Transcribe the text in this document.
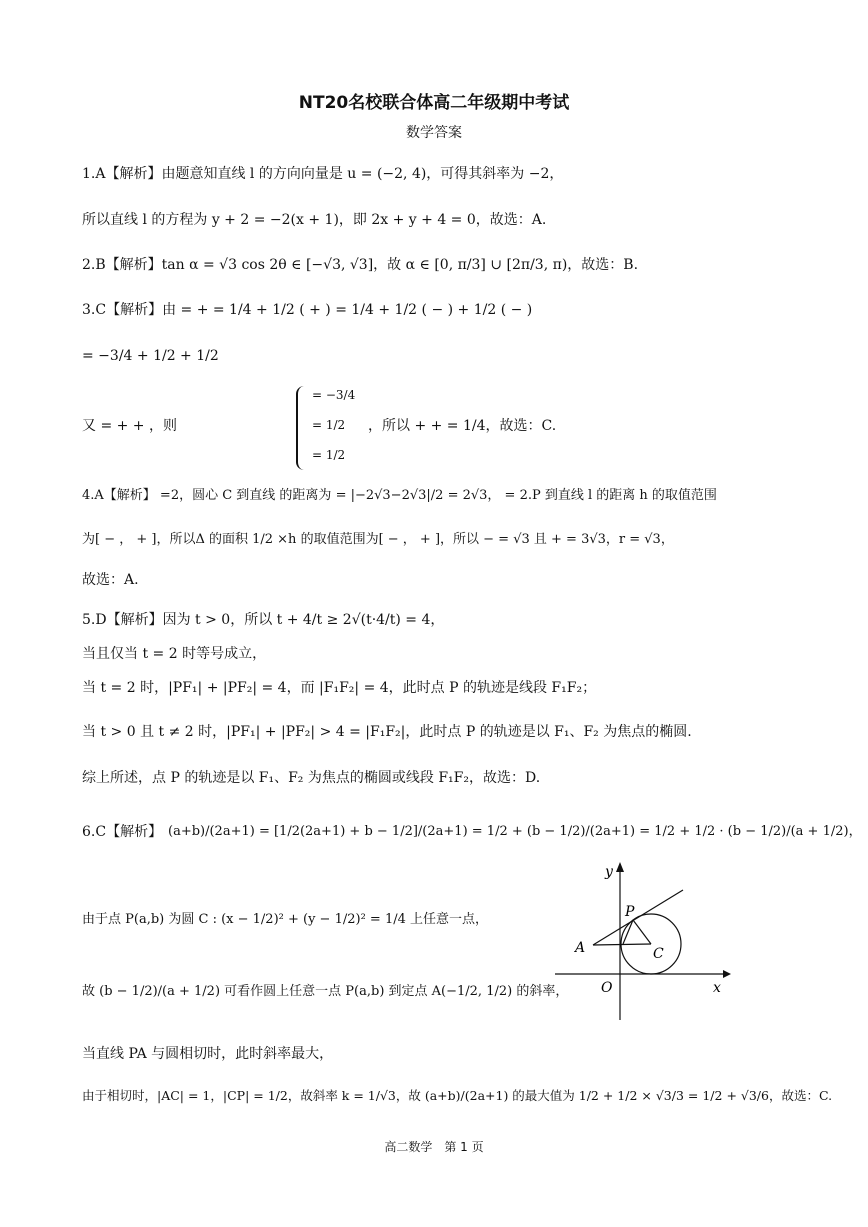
NT20名校联合体高二年级期中考试
数学答案
1.A【解析】由题意知直线 l 的方向向量是 u = (−2, 4)，可得其斜率为 −2，
所以直线 l 的方程为 y + 2 = −2(x + 1)，即 2x + y + 4 = 0，故选：A.
2.B【解析】tan α = √3 cos 2θ ∈ [−√3, √3]，故 α ∈ [0, π/3] ∪ [2π/3, π)，故选：B.
3.C【解析】由 = + = 1/4 + 1/2 ( + ) = 1/4 + 1/2 ( − ) + 1/2 ( − )
= −3/4 + 1/2 + 1/2
又 = + + ，则
= −3/4
= 1/2
= 1/2
，所以 + + = 1/4，故选：C.
4.A【解析】 =2，圆心 C 到直线 的距离为 = |−2√3−2√3|/2 = 2√3， = 2.P 到直线 l 的距离 h 的取值范围
为[ − ， + ]，所以Δ 的面积 1/2 ×h 的取值范围为[ − ， + ]，所以 − = √3 且 + = 3√3，r = √3，
故选：A.
5.D【解析】因为 t > 0，所以 t + 4/t ≥ 2√(t·4/t) = 4，
当且仅当 t = 2 时等号成立，
当 t = 2 时，|PF₁| + |PF₂| = 4，而 |F₁F₂| = 4，此时点 P 的轨迹是线段 F₁F₂；
当 t > 0 且 t ≠ 2 时，|PF₁| + |PF₂| > 4 = |F₁F₂|，此时点 P 的轨迹是以 F₁、F₂ 为焦点的椭圆.
综上所述，点 P 的轨迹是以 F₁、F₂ 为焦点的椭圆或线段 F₁F₂，故选：D.
6.C【解析】 (a+b)/(2a+1) = [1/2(2a+1) + b − 1/2]/(2a+1) = 1/2 + (b − 1/2)/(2a+1) = 1/2 + 1/2 · (b − 1/2)/(a + 1/2)，
由于点 P(a,b) 为圆 C : (x − 1/2)² + (y − 1/2)² = 1/4 上任意一点，
故 (b − 1/2)/(a + 1/2) 可看作圆上任意一点 P(a,b) 到定点 A(−1/2, 1/2) 的斜率，
当直线 PA 与圆相切时，此时斜率最大，
由于相切时，|AC| = 1，|CP| = 1/2，故斜率 k = 1/√3，故 (a+b)/(2a+1) 的最大值为 1/2 + 1/2 × √3/3 = 1/2 + √3/6，故选：C.
y
x
O
P
A	C
高二数学　第 1 页
